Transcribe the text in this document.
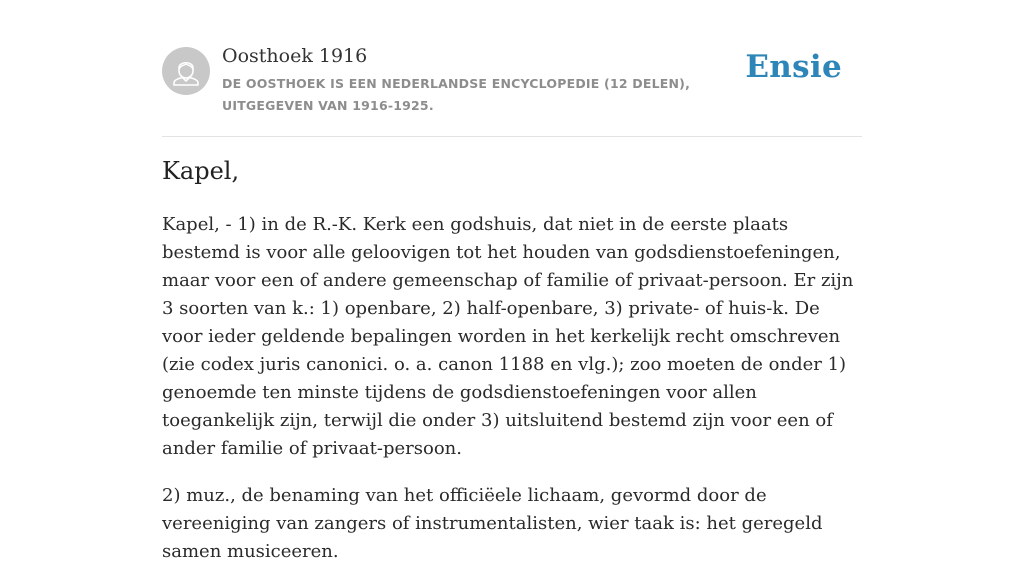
Oosthoek 1916
DE OOSTHOEK IS EEN NEDERLANDSE ENCYCLOPEDIE (12 DELEN), UITGEGEVEN VAN 1916-1925.
Ensie
Kapel,

Kapel, - 1) in de R.-K. Kerk een godshuis, dat niet in de eerste plaats bestemd is voor alle geloovigen tot het houden van godsdienstoefeningen, maar voor een of andere gemeenschap of familie of privaat-persoon. Er zijn 3 soorten van k.: 1) openbare, 2) half-openbare, 3) private- of huis-k. De voor ieder geldende bepalingen worden in het kerkelijk recht omschreven (zie codex juris canonici. o. a. canon 1188 en vlg.); zoo moeten de onder 1) genoemde ten minste tijdens de godsdienstoefeningen voor allen toegankelijk zijn, terwijl die onder 3) uitsluitend bestemd zijn voor een of ander familie of privaat-persoon.

2) muz., de benaming van het officiëele lichaam, gevormd door de vereeniging van zangers of instrumentalisten, wier taak is: het geregeld samen musiceeren.
